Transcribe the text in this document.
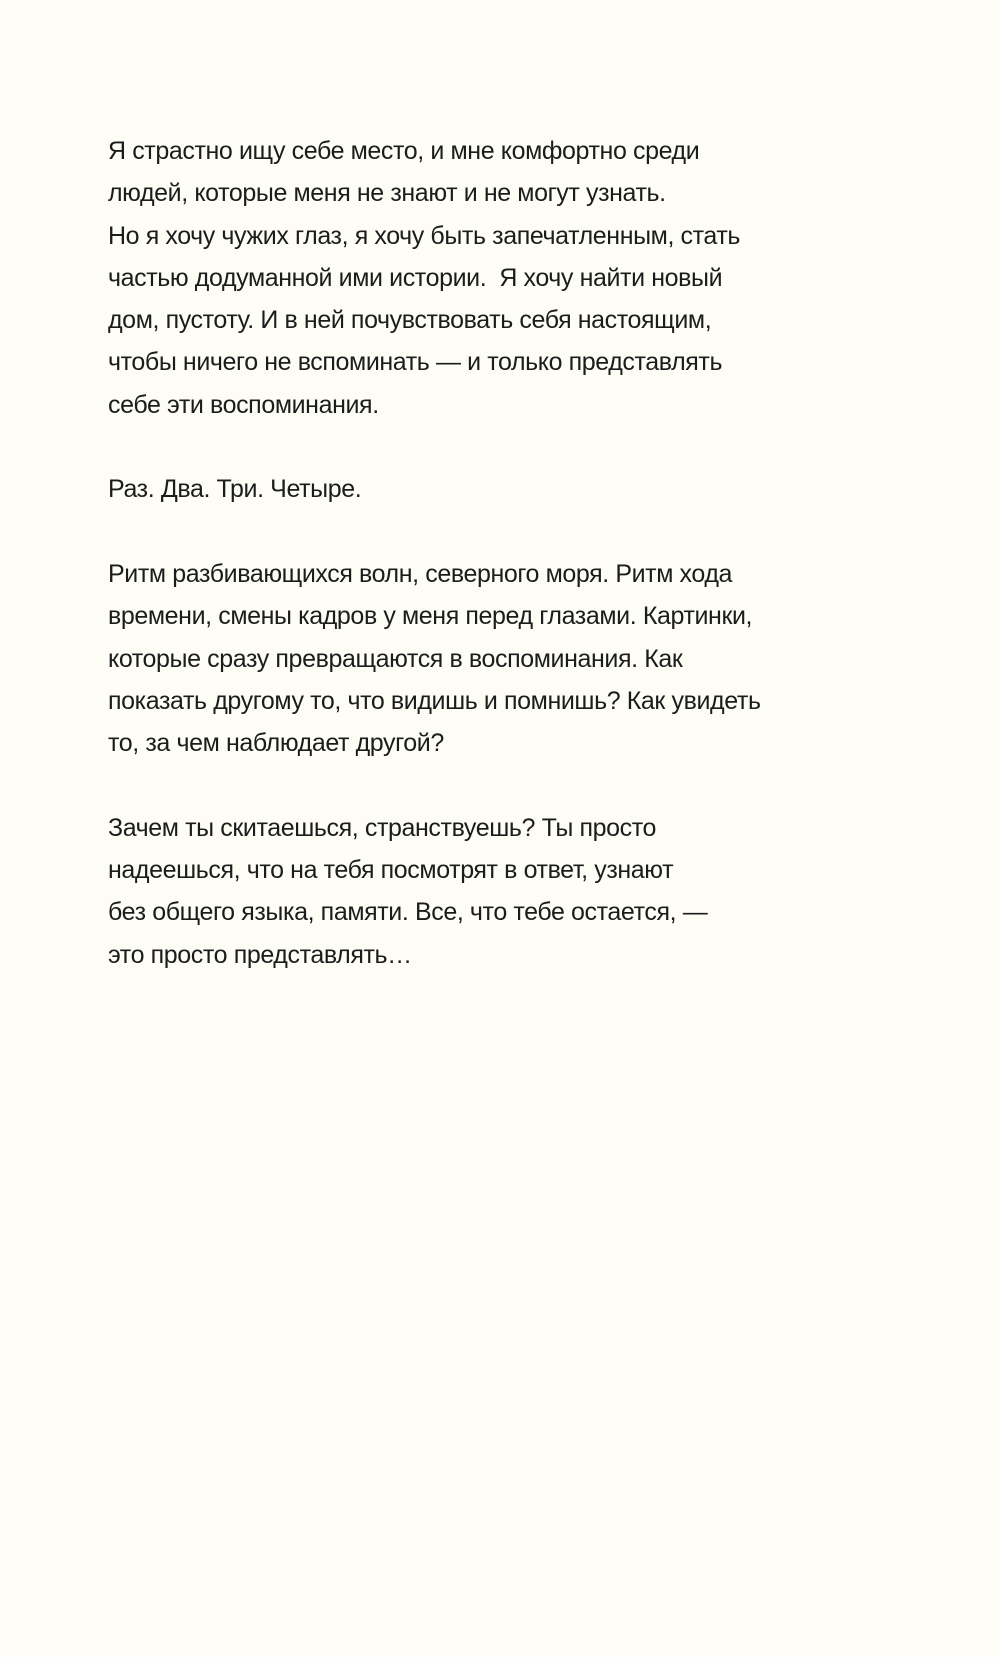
Я страстно ищу себе место, и мне комфортно среди
людей, которые меня не знают и не могут узнать.
Но я хочу чужих глаз, я хочу быть запечатленным, стать
частью додуманной ими истории.  Я хочу найти новый
дом, пустоту. И в ней почувствовать себя настоящим,
чтобы ничего не вспоминать — и только представлять
себе эти воспоминания.

Раз. Два. Три. Четыре.

Ритм разбивающихся волн, северного моря. Ритм хода
времени, смены кадров у меня перед глазами. Картинки,
которые сразу превращаются в воспоминания. Как
показать другому то, что видишь и помнишь? Как увидеть
то, за чем наблюдает другой?

Зачем ты скитаешься, странствуешь? Ты просто
надеешься, что на тебя посмотрят в ответ, узнают
без общего языка, памяти. Все, что тебе остается, —
это просто представлять…
